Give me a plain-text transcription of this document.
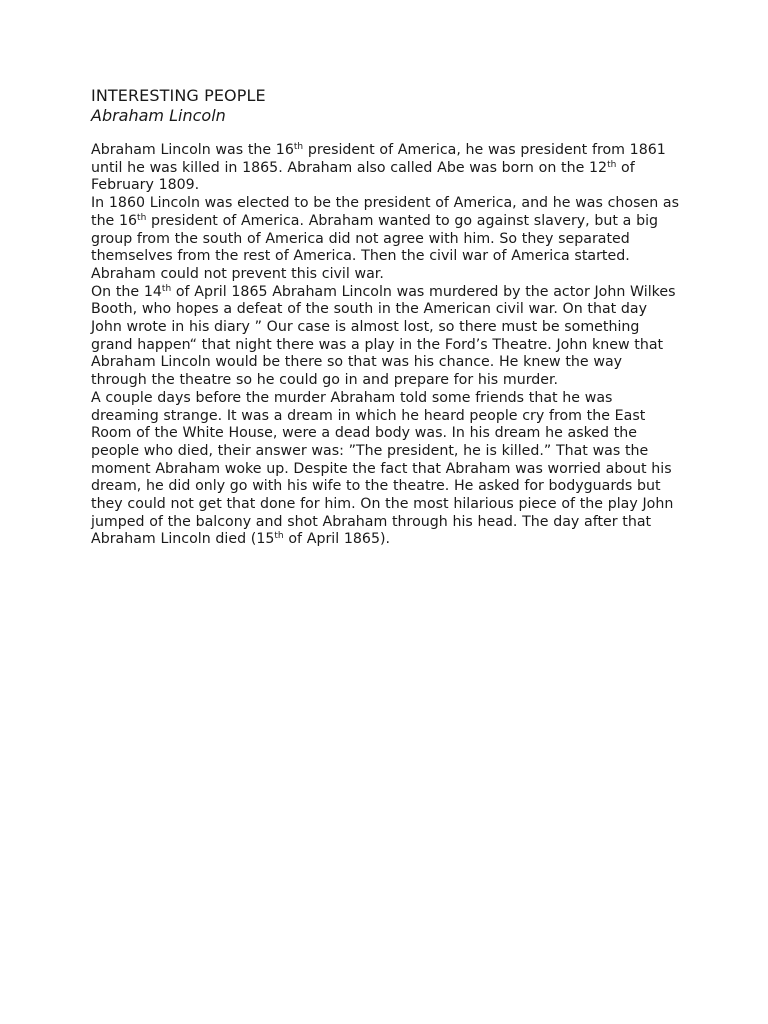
INTERESTING PEOPLE
Abraham Lincoln

Abraham Lincoln was the 16th president of America, he was president from 1861 until he was killed in 1865. Abraham also called Abe was born on the 12th of February 1809.

In 1860 Lincoln was elected to be the president of America, and he was chosen as the 16th president of America. Abraham wanted to go against slavery, but a big group from the south of America did not agree with him. So they separated themselves from the rest of America. Then the civil war of America started. Abraham could not prevent this civil war.

On the 14th of April 1865 Abraham Lincoln was murdered by the actor John Wilkes Booth, who hopes a defeat of the south in the American civil war. On that day John wrote in his diary ” Our case is almost lost, so there must be something grand happen“ that night there was a play in the Ford’s Theatre. John knew that Abraham Lincoln would be there so that was his chance. He knew the way through the theatre so he could go in and prepare for his murder.

A couple days before the murder Abraham told some friends that he was dreaming strange. It was a dream in which he heard people cry from the East Room of the White House, were a dead body was. In his dream he asked the people who died, their answer was: ”The president, he is killed.” That was the moment Abraham woke up. Despite the fact that Abraham was worried about his dream, he did only go with his wife to the theatre. He asked for bodyguards but they could not get that done for him. On the most hilarious piece of the play John jumped of the balcony and shot Abraham through his head. The day after that Abraham Lincoln died (15th of April 1865).
